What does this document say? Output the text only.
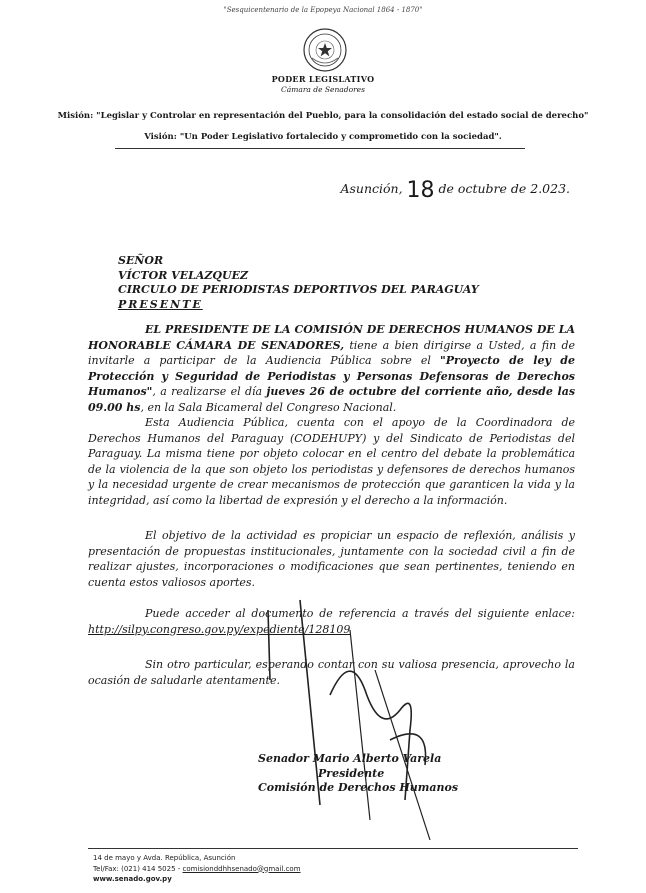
"Sesquicentenario de la Epopeya Nacional 1864 - 1870"
PODER LEGISLATIVO
Cámara de Senadores
Misión: "Legislar y Controlar en representación del Pueblo, para la consolidación del estado social de derecho"
Visión: "Un Poder Legislativo fortalecido y comprometido con la sociedad".
Asunción, 18 de octubre de 2.023.
SEÑOR
VÍCTOR VELAZQUEZ
CIRCULO DE PERIODISTAS DEPORTIVOS DEL PARAGUAY
PRESENTE

EL PRESIDENTE DE LA COMISIÓN DE DERECHOS HUMANOS DE LA HONORABLE CÁMARA DE SENADORES, tiene a bien dirigirse a Usted, a fin de invitarle a participar de la Audiencia Pública sobre el "Proyecto de ley de Protección y Seguridad de Periodistas y Personas Defensoras de Derechos Humanos", a realizarse el día jueves 26 de octubre del corriente año, desde las 09.00 hs, en la Sala Bicameral del Congreso Nacional.

Esta Audiencia Pública, cuenta con el apoyo de la Coordinadora de Derechos Humanos del Paraguay (CODEHUPY) y del Sindicato de Periodistas del Paraguay. La misma tiene por objeto colocar en el centro del debate la problemática de la violencia de la que son objeto los periodistas y defensores de derechos humanos y la necesidad urgente de crear mecanismos de protección que garanticen la vida y la integridad, así como la libertad de expresión y el derecho a la información.

El objetivo de la actividad es propiciar un espacio de reflexión, análisis y presentación de propuestas institucionales, juntamente con la sociedad civil a fin de realizar ajustes, incorporaciones o modificaciones que sean pertinentes, teniendo en cuenta estos valiosos aportes.

Puede acceder al documento de referencia a través del siguiente enlace: http://silpy.congreso.gov.py/expediente/128109

Sin otro particular, esperando contar con su valiosa presencia, aprovecho la ocasión de saludarle atentamente.

Senador Mario Alberto Varela
Presidente
Comisión de Derechos Humanos
14 de mayo y Avda. República, Asunción
Tel/Fax: (021) 414 5025 - comisionddhhsenado@gmail.com
www.senado.gov.py
